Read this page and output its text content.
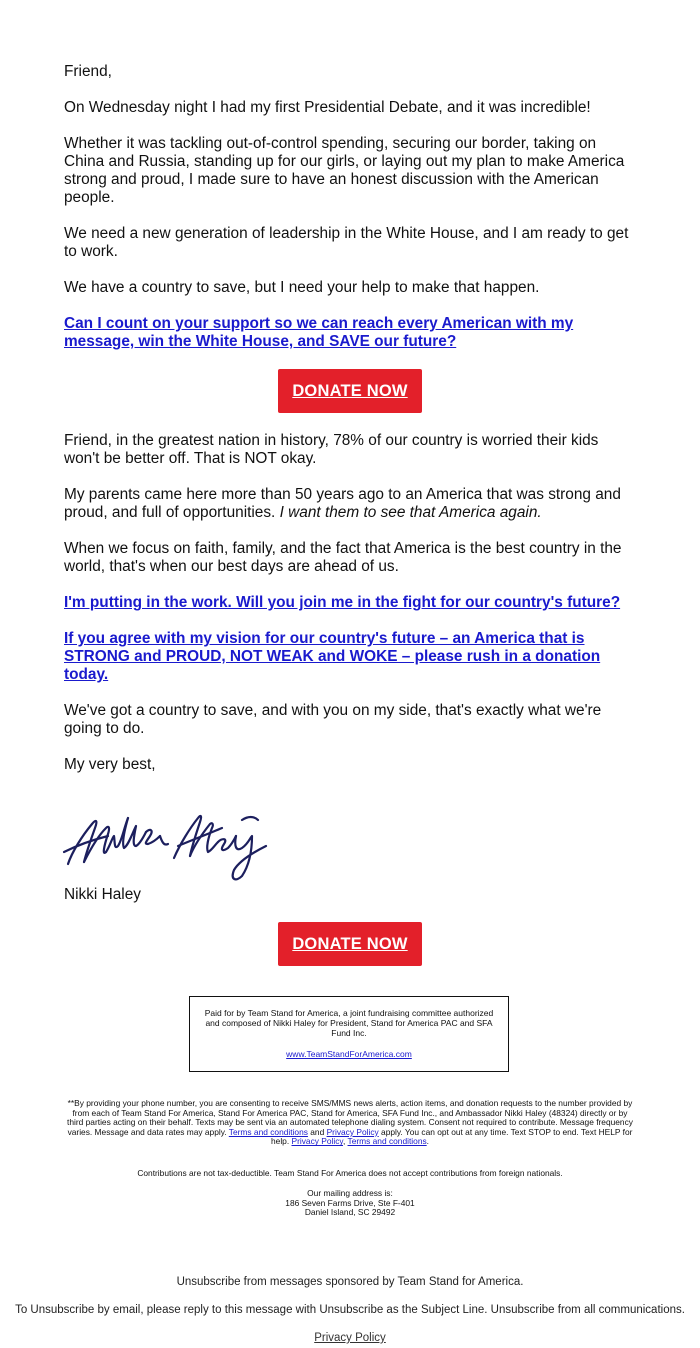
Friend,

On Wednesday night I had my first Presidential Debate, and it was incredible!

Whether it was tackling out-of-control spending, securing our border, taking on China and Russia, standing up for our girls, or laying out my plan to make America strong and proud, I made sure to have an honest discussion with the American people.

We need a new generation of leadership in the White House, and I am ready to get to work.

We have a country to save, but I need your help to make that happen.

Can I count on your support so we can reach every American with my message, win the White House, and SAVE our future?

DONATE NOW

Friend, in the greatest nation in history, 78% of our country is worried their kids won't be better off. That is NOT okay.

My parents came here more than 50 years ago to an America that was strong and proud, and full of opportunities. I want them to see that America again.

When we focus on faith, family, and the fact that America is the best country in the world, that's when our best days are ahead of us.

I'm putting in the work. Will you join me in the fight for our country's future?

If you agree with my vision for our country's future – an America that is STRONG and PROUD, NOT WEAK and WOKE – please rush in a donation today.

We've got a country to save, and with you on my side, that's exactly what we're going to do.

My very best,

Nikki Haley

DONATE NOW
Paid for by Team Stand for America, a joint fundraising committee authorized and composed of Nikki Haley for President, Stand for America PAC and SFA Fund Inc.
www.TeamStandForAmerica.com
**By providing your phone number, you are consenting to receive SMS/MMS news alerts, action items, and donation requests to the number provided by from each of Team Stand For America, Stand For America PAC, Stand for America, SFA Fund Inc., and Ambassador Nikki Haley (48324) directly or by third parties acting on their behalf. Texts may be sent via an automated telephone dialing system. Consent not required to contribute. Message frequency varies. Message and data rates may apply. Terms and conditions and Privacy Policy apply. You can opt out at any time. Text STOP to end. Text HELP for help. Privacy Policy, Terms and conditions.
Contributions are not tax-deductible. Team Stand For America does not accept contributions from foreign nationals.
Our mailing address is:
186 Seven Farms Drive, Ste F-401
Daniel Island, SC 29492
Unsubscribe from messages sponsored by Team Stand for America.
To Unsubscribe by email, please reply to this message with Unsubscribe as the Subject Line. Unsubscribe from all communications.
Privacy Policy
